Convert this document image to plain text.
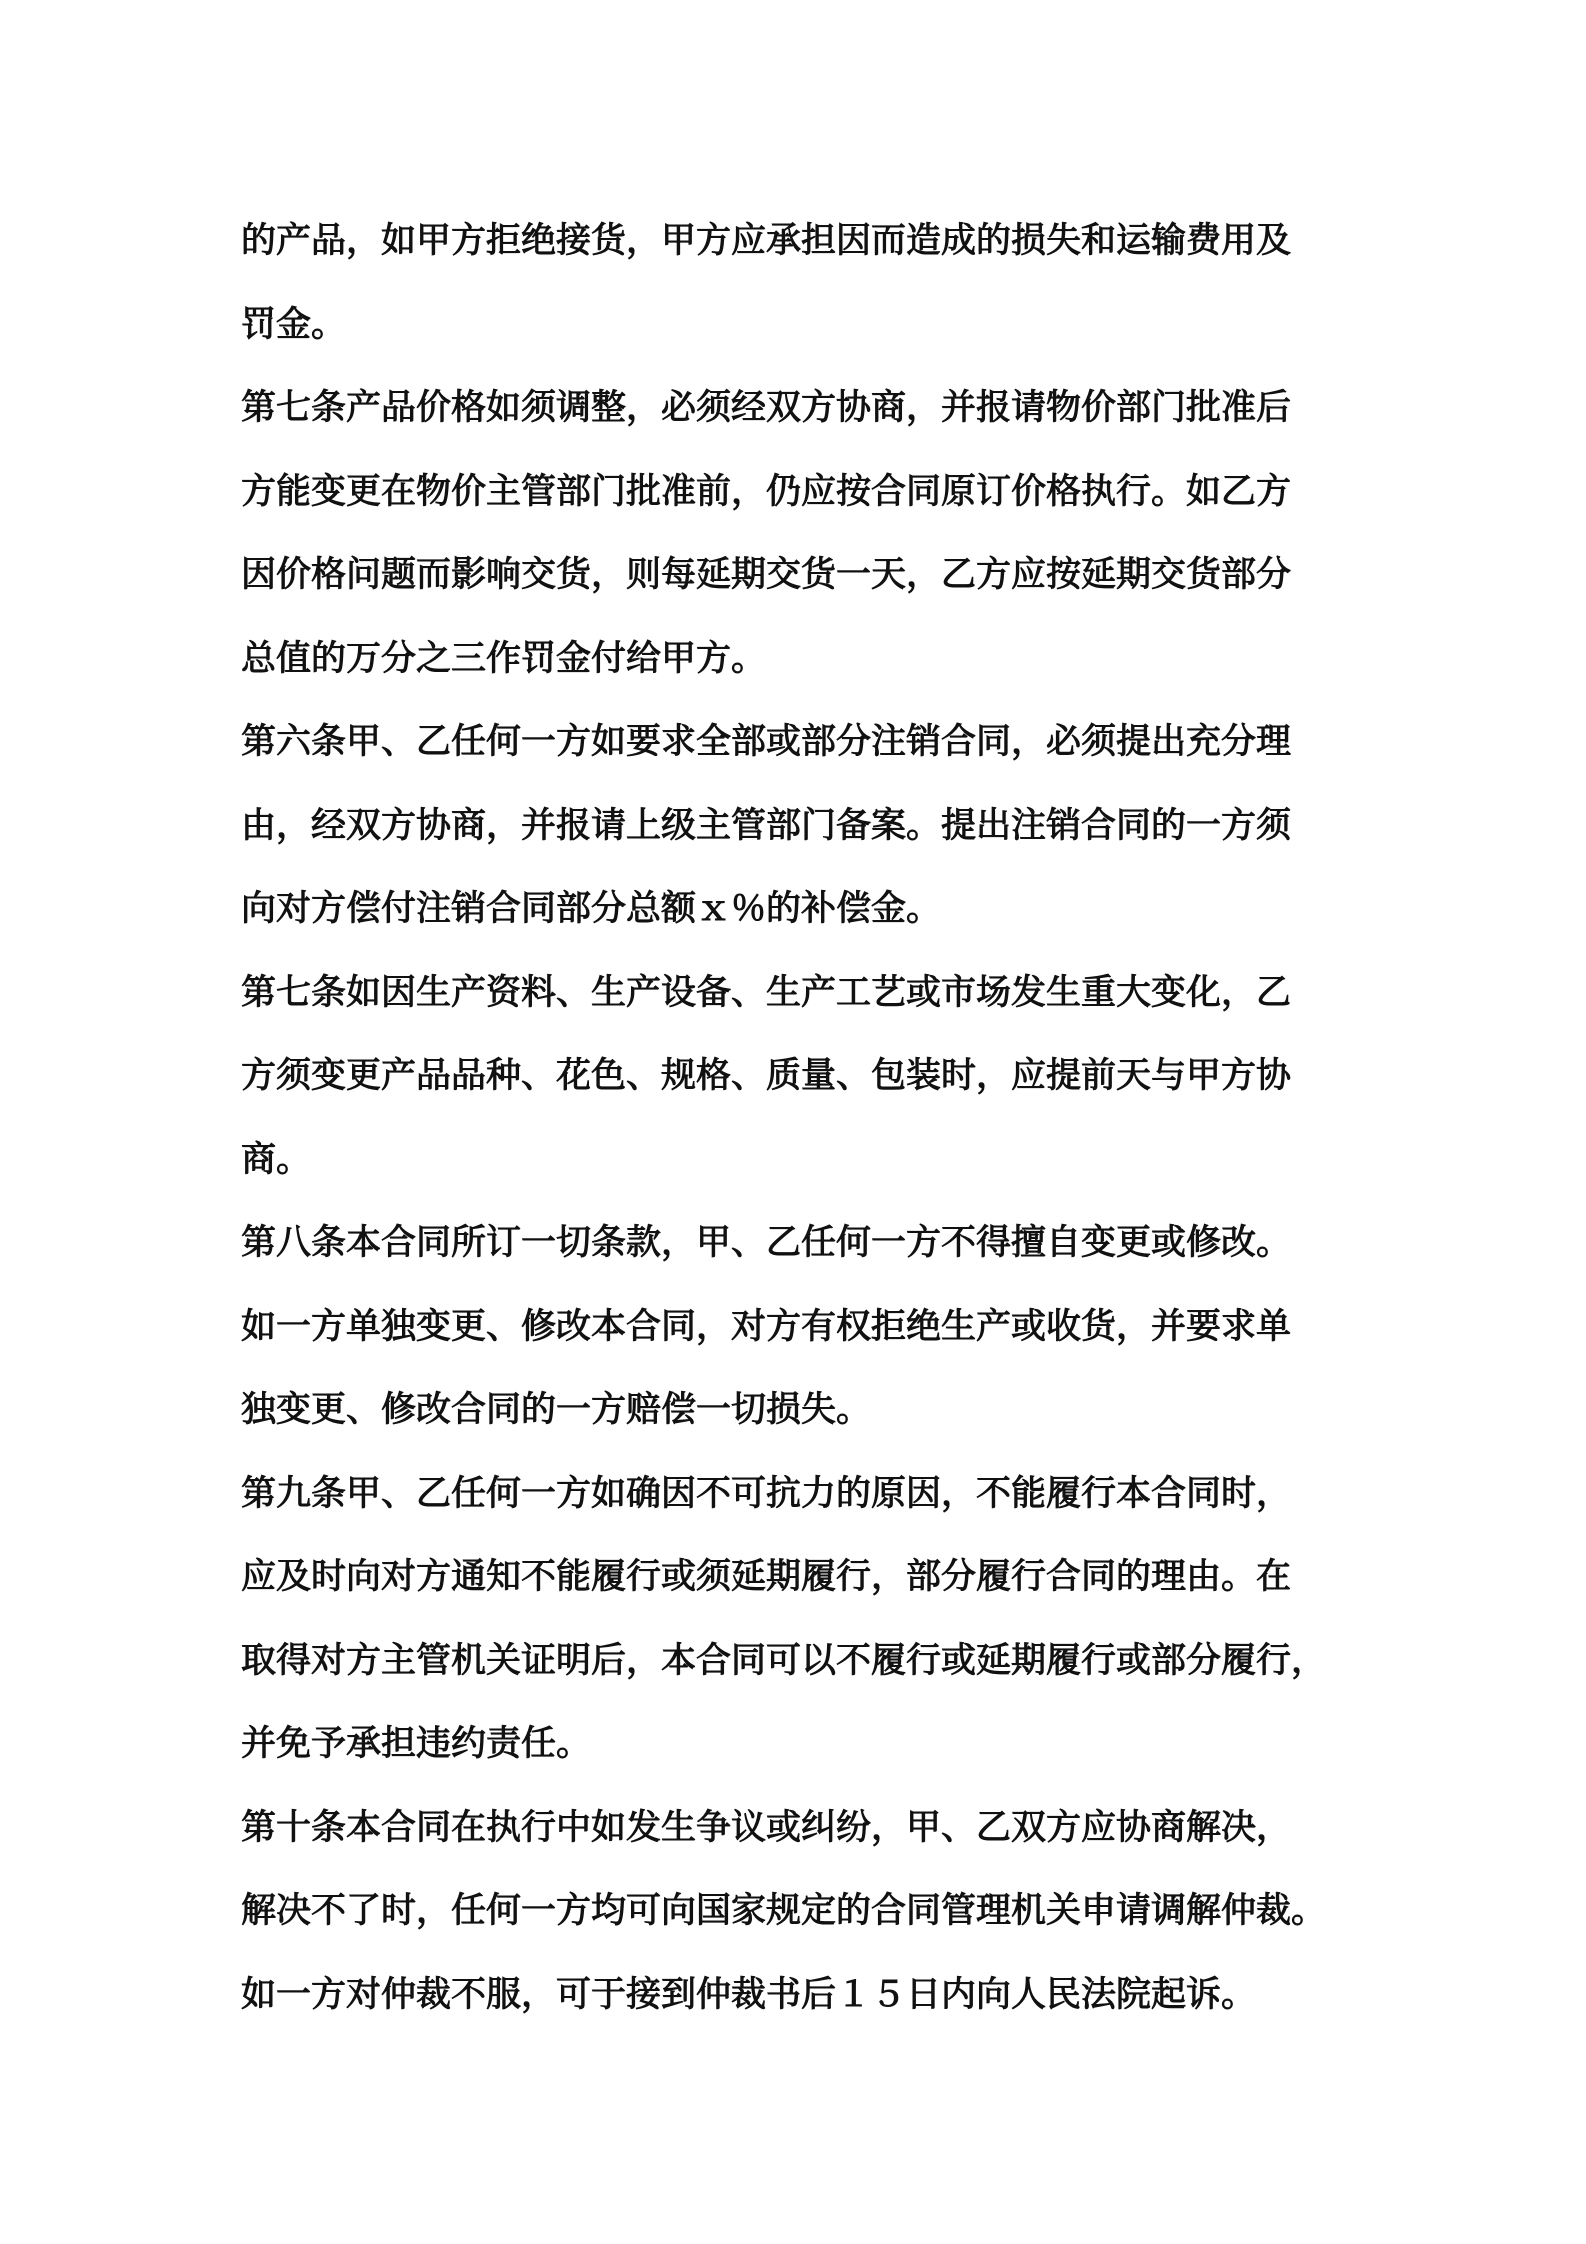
的产品，如甲方拒绝接货，甲方应承担因而造成的损失和运输费用及
罚金。
第七条产品价格如须调整，必须经双方协商，并报请物价部门批准后
方能变更在物价主管部门批准前，仍应按合同原订价格执行。如乙方
因价格问题而影响交货，则每延期交货一天，乙方应按延期交货部分
总值的万分之三作罚金付给甲方。
第六条甲、乙任何一方如要求全部或部分注销合同，必须提出充分理
由，经双方协商，并报请上级主管部门备案。提出注销合同的一方须
向对方偿付注销合同部分总额ｘ％的补偿金。
第七条如因生产资料、生产设备、生产工艺或市场发生重大变化，乙
方须变更产品品种、花色、规格、质量、包装时，应提前天与甲方协
商。
第八条本合同所订一切条款，甲、乙任何一方不得擅自变更或修改。
如一方单独变更、修改本合同，对方有权拒绝生产或收货，并要求单
独变更、修改合同的一方赔偿一切损失。
第九条甲、乙任何一方如确因不可抗力的原因，不能履行本合同时，
应及时向对方通知不能履行或须延期履行，部分履行合同的理由。在
取得对方主管机关证明后，本合同可以不履行或延期履行或部分履行，
并免予承担违约责任。
第十条本合同在执行中如发生争议或纠纷，甲、乙双方应协商解决，
解决不了时，任何一方均可向国家规定的合同管理机关申请调解仲裁。
如一方对仲裁不服，可于接到仲裁书后１５日内向人民法院起诉。
